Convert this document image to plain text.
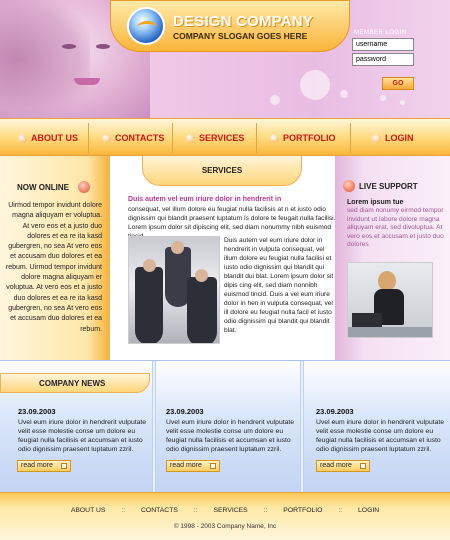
DESIGN COMPANY
COMPANY SLOGAN GOES HERE	MEMBER LOGIN
username
password
GO
ABOUT US	CONTACTS	SERVICES	PORTFOLIO	LOGIN
NOW ONLINE
Uirmod tempor invidunt dolore magna aliquyam er voluptua. At vero eos et a justo duo dolores et ea re ita kasd gubergren, no sea At vero eos et accusam duo dolores et ea rebum. Uirmod tempor invidunt dolore magna aliquyam er voluptua. At vero eos et a justo duo dolores et ea re ita kasd gubergren, no sea At vero eos et accusam duo dolores et ea rebum.
SERVICES
Duis autem vel eum iriure dolor in hendrerit in
consequat, vel illum dolore eu feugiat nulla facilisis at n et iusto odio dignissim qui blandit praesent luptatum ïs dolore te feugait nulla facilisi. Lorem ipsum dolor sit dipiscing elit, sed diam nonummy nibh euismod
Duis autem vel eum iriure dolor in hendrerit in vulputa consequat, vel illum dolore eu feugiat nulla facilisi et iusto odio dignissim qui blandit qui blandit dui blat. Lorem ipsum dolor sit dipis cing elit, sed diam nonnibh euismod tincid. Duis a vel eum iriure dolor in hen in vulputa consequat, vel ill dolore eu feugiat nulla facil et iusto odio dignissim qui blandit qui blandit blat.
LIVE SUPPORT
Lorem ipsum tue
sed diam nonumy eirmod tempor invidunt ut labore dolore magna aliquyam erat, sed divoluptua. At vero eos et accusam et justo duo dolores
COMPANY NEWS
23.09.2003
Uvel eum iriure dolor in hendrerit vulputate velit esse molestie conse um dolore eu feugiat nulla facilisis et accumsan et iusto odio dignissim praesent luptatum zzril.
read more
23.09.2003
Uvel eum iriure dolor in hendrerit vulputate velit esse molestie conse um dolore eu feugiat nulla facilisis et accumsan et iusto odio dignissim praesent luptatum zzril.
read more
23.09.2003
Uvel eum iriure dolor in hendrerit vulputate velit esse molestie conse um dolore eu feugiat nulla facilisis et accumsan et iusto odio dignissim praesent luptatum zzril.
read more
ABOUT US :: CONTACTS :: SERVICES :: PORTFOLIO :: LOGIN
© 1998 - 2003 Company Name, Inc
